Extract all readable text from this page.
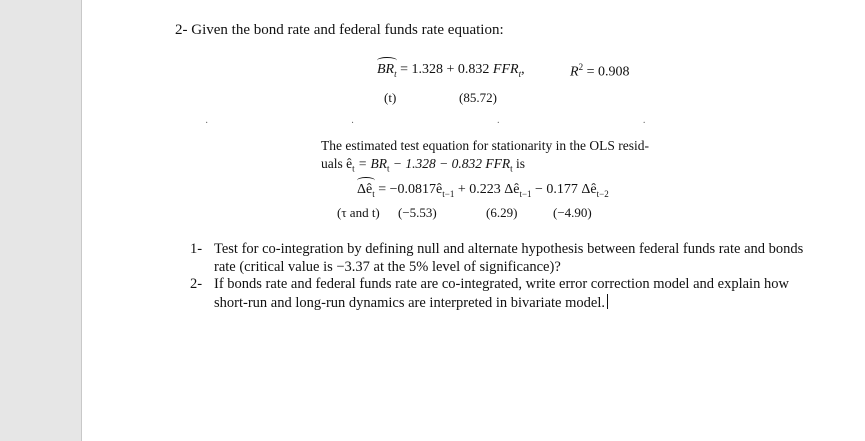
2- Given the bond rate and federal funds rate equation:
$BR_t = 1.328 + 0.832$ $FFR_t$,	$R^2 = 0.908$
(t)	(85.72)
· · · ·
The estimated test equation for stationarity in the OLS resid-
uals $ê_t = BR_t - 1.328 - 0.832$ $FFR_t$ is
$\Delta ê_t$ = $-0.0817ê_{t-1} + 0.223$ $\Delta ê_{t-1} - 0.177$ $\Delta ê_{t-2}$
(τ and t) (−5.53)	(6.29)	(−4.90)
1- Test for co-integration by defining null and alternate hypothesis between federal funds rate and bonds rate (critical value is −3.37 at the 5% level of significance)?
2- If bonds rate and federal funds rate are co-integrated, write error correction model and explain how short-run and long-run dynamics are interpreted in bivariate model.
